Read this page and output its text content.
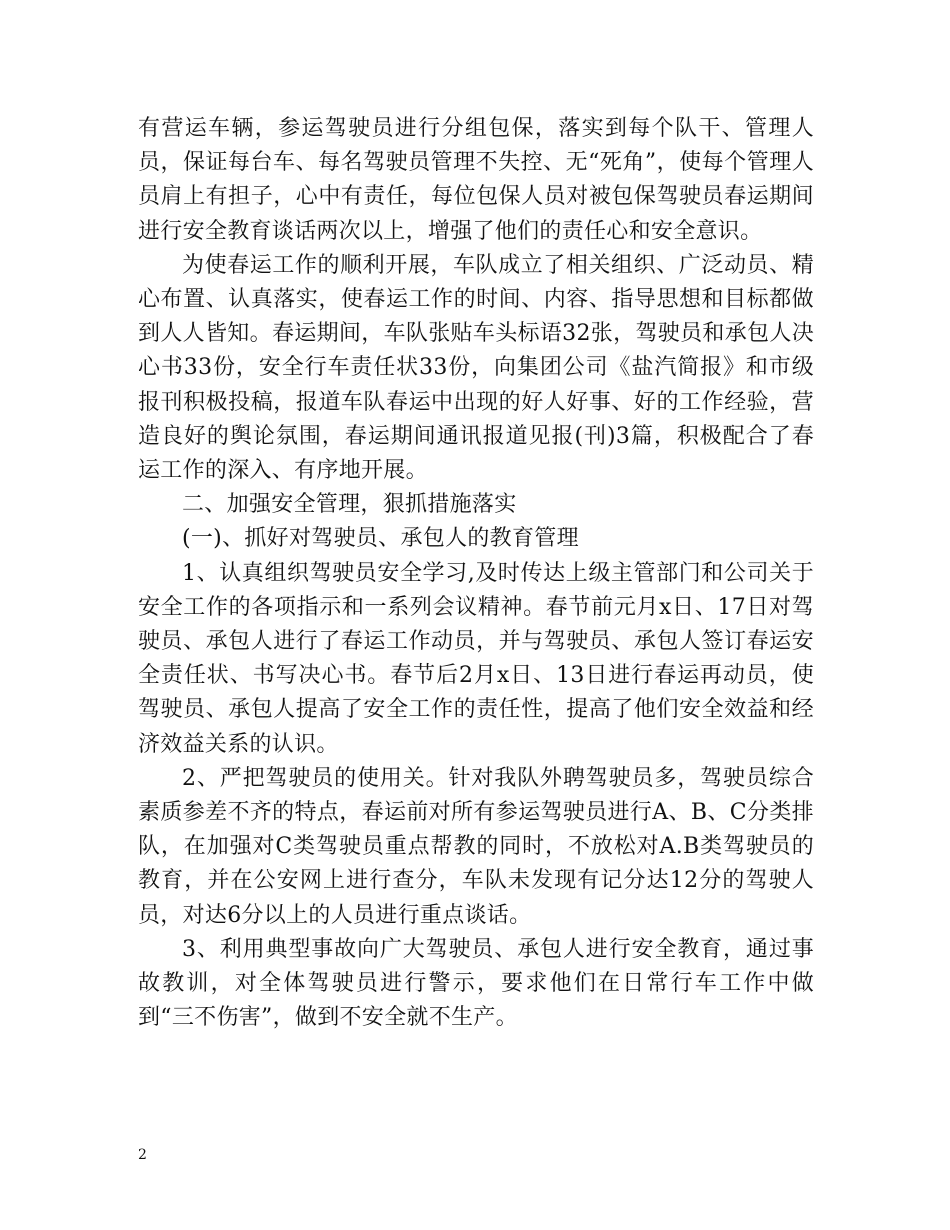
有营运车辆，参运驾驶员进行分组包保，落实到每个队干、管理人员，保证每台车、每名驾驶员管理不失控、无“死角”，使每个管理人员肩上有担子，心中有责任，每位包保人员对被包保驾驶员春运期间进行安全教育谈话两次以上，增强了他们的责任心和安全意识。

为使春运工作的顺利开展，车队成立了相关组织、广泛动员、精心布置、认真落实，使春运工作的时间、内容、指导思想和目标都做到人人皆知。春运期间，车队张贴车头标语32张，驾驶员和承包人决心书33份，安全行车责任状33份，向集团公司《盐汽简报》和市级报刊积极投稿，报道车队春运中出现的好人好事、好的工作经验，营造良好的舆论氛围，春运期间通讯报道见报(刊)3篇，积极配合了春运工作的深入、有序地开展。

二、加强安全管理，狠抓措施落实

(一)、抓好对驾驶员、承包人的教育管理

1、认真组织驾驶员安全学习,及时传达上级主管部门和公司关于安全工作的各项指示和一系列会议精神。春节前元月x日、17日对驾驶员、承包人进行了春运工作动员，并与驾驶员、承包人签订春运安全责任状、书写决心书。春节后2月x日、13日进行春运再动员，使驾驶员、承包人提高了安全工作的责任性，提高了他们安全效益和经济效益关系的认识。

2、严把驾驶员的使用关。针对我队外聘驾驶员多，驾驶员综合素质参差不齐的特点，春运前对所有参运驾驶员进行A、B、C分类排队，在加强对C类驾驶员重点帮教的同时，不放松对A.B类驾驶员的教育，并在公安网上进行查分，车队未发现有记分达12分的驾驶人员，对达6分以上的人员进行重点谈话。

3、利用典型事故向广大驾驶员、承包人进行安全教育，通过事故教训，对全体驾驶员进行警示，要求他们在日常行车工作中做到“三不伤害”，做到不安全就不生产。

2
